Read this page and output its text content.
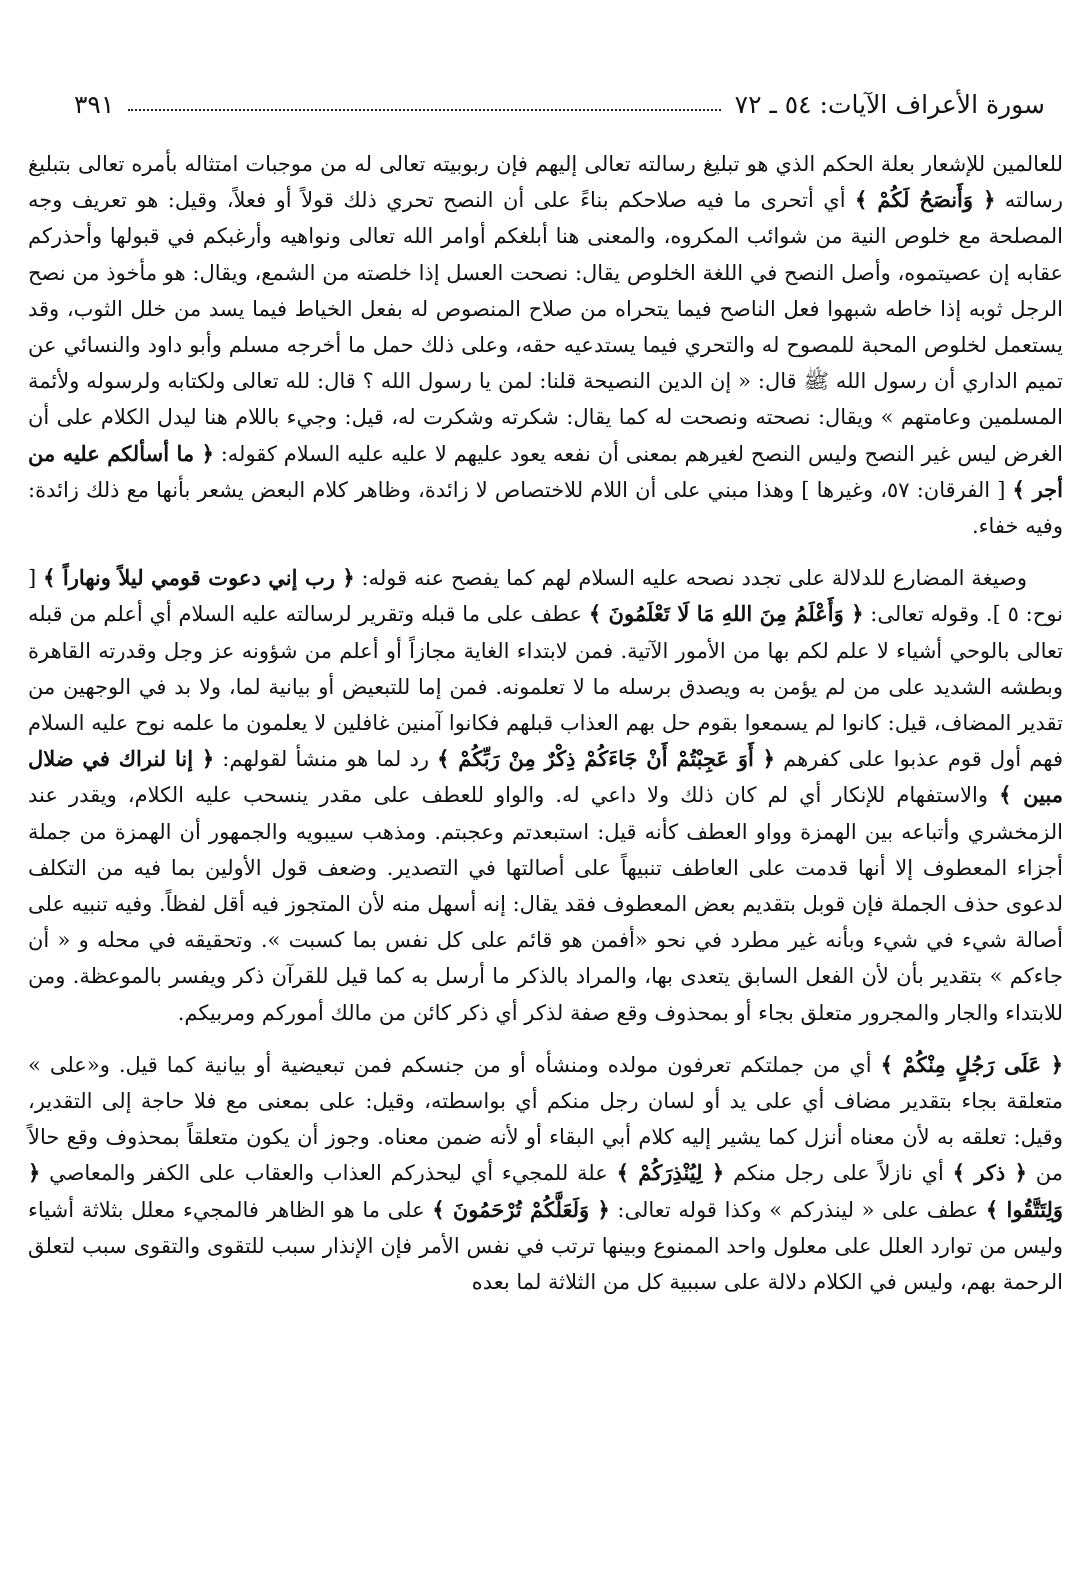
سورة الأعراف الآيات: ٥٤ ـ ٧٢
٣٩١

للعالمين للإشعار بعلة الحكم الذي هو تبليغ رسالته تعالى إليهم فإن ربوبيته تعالى له من موجبات امتثاله بأمره تعالى بتبليغ رسالته ﴿ وَأَنصَحُ لَكُمْ ﴾ أي أتحرى ما فيه صلاحكم بناءً على أن النصح تحري ذلك قولاً أو فعلاً، وقيل: هو تعريف وجه المصلحة مع خلوص النية من شوائب المكروه، والمعنى هنا أبلغكم أوامر الله تعالى ونواهيه وأرغبكم في قبولها وأحذركم عقابه إن عصيتموه، وأصل النصح في اللغة الخلوص يقال: نصحت العسل إذا خلصته من الشمع، ويقال: هو مأخوذ من نصح الرجل ثوبه إذا خاطه شبهوا فعل الناصح فيما يتحراه من صلاح المنصوص له بفعل الخياط فيما يسد من خلل الثوب، وقد يستعمل لخلوص المحبة للمصوح له والتحري فيما يستدعيه حقه، وعلى ذلك حمل ما أخرجه مسلم وأبو داود والنسائي عن تميم الداري أن رسول الله ﷺ قال: « إن الدين النصيحة قلنا: لمن يا رسول الله ؟ قال: لله تعالى ولكتابه ولرسوله ولأئمة المسلمين وعامتهم » ويقال: نصحته ونصحت له كما يقال: شكرته وشكرت له، قيل: وجيء باللام هنا ليدل الكلام على أن الغرض ليس غير النصح وليس النصح لغيرهم بمعنى أن نفعه يعود عليهم لا عليه عليه السلام كقوله: ﴿ ما أسألكم عليه من أجر ﴾ [ الفرقان: ٥٧، وغيرها ] وهذا مبني على أن اللام للاختصاص لا زائدة، وظاهر كلام البعض يشعر بأنها مع ذلك زائدة: وفيه خفاء.

وصيغة المضارع للدلالة على تجدد نصحه عليه السلام لهم كما يفصح عنه قوله: ﴿ رب إني دعوت قومي ليلاً ونهاراً ﴾ [ نوح: ٥ ]. وقوله تعالى: ﴿ وَأَعْلَمُ مِنَ اللهِ مَا لَا تَعْلَمُونَ ﴾ عطف على ما قبله وتقرير لرسالته عليه السلام أي أعلم من قبله تعالى بالوحي أشياء لا علم لكم بها من الأمور الآتية. فمن لابتداء الغاية مجازاً أو أعلم من شؤونه عز وجل وقدرته القاهرة وبطشه الشديد على من لم يؤمن به ويصدق برسله ما لا تعلمونه. فمن إما للتبعيض أو بيانية لما، ولا بد في الوجهين من تقدير المضاف، قيل: كانوا لم يسمعوا بقوم حل بهم العذاب قبلهم فكانوا آمنين غافلين لا يعلمون ما علمه نوح عليه السلام فهم أول قوم عذبوا على كفرهم ﴿ أَوَ عَجِبْتُمْ أَنْ جَاءَكُمْ ذِكْرٌ مِنْ رَبِّكُمْ ﴾ رد لما هو منشأ لقولهم: ﴿ إنا لنراك في ضلال مبين ﴾ والاستفهام للإنكار أي لم كان ذلك ولا داعي له. والواو للعطف على مقدر ينسحب عليه الكلام، ويقدر عند الزمخشري وأتباعه بين الهمزة وواو العطف كأنه قيل: استبعدتم وعجبتم. ومذهب سيبويه والجمهور أن الهمزة من جملة أجزاء المعطوف إلا أنها قدمت على العاطف تنبيهاً على أصالتها في التصدير. وضعف قول الأولين بما فيه من التكلف لدعوى حذف الجملة فإن قوبل بتقديم بعض المعطوف فقد يقال: إنه أسهل منه لأن المتجوز فيه أقل لفظاً. وفيه تنبيه على أصالة شيء في شيء وبأنه غير مطرد في نحو «أفمن هو قائم على كل نفس بما كسبت ». وتحقيقه في محله و « أن جاءكم » بتقدير بأن لأن الفعل السابق يتعدى بها، والمراد بالذكر ما أرسل به كما قيل للقرآن ذكر ويفسر بالموعظة. ومن للابتداء والجار والمجرور متعلق بجاء أو بمحذوف وقع صفة لذكر أي ذكر كائن من مالك أموركم ومربيكم.

﴿ عَلَى رَجُلٍ مِنْكُمْ ﴾ أي من جملتكم تعرفون مولده ومنشأه أو من جنسكم فمن تبعيضية أو بيانية كما قيل. و«على » متعلقة بجاء بتقدير مضاف أي على يد أو لسان رجل منكم أي بواسطته، وقيل: على بمعنى مع فلا حاجة إلى التقدير، وقيل: تعلقه به لأن معناه أنزل كما يشير إليه كلام أبي البقاء أو لأنه ضمن معناه. وجوز أن يكون متعلقاً بمحذوف وقع حالاً من ﴿ ذكر ﴾ أي نازلاً على رجل منكم ﴿ لِيُنْذِرَكُمْ ﴾ علة للمجيء أي ليحذركم العذاب والعقاب على الكفر والمعاصي ﴿ وَلِتَتَّقُوا ﴾ عطف على « لينذركم » وكذا قوله تعالى: ﴿ وَلَعَلَّكُمْ تُرْحَمُونَ ﴾ على ما هو الظاهر فالمجيء معلل بثلاثة أشياء وليس من توارد العلل على معلول واحد الممنوع وبينها ترتب في نفس الأمر فإن الإنذار سبب للتقوى والتقوى سبب لتعلق الرحمة بهم، وليس في الكلام دلالة على سببية كل من الثلاثة لما بعده
